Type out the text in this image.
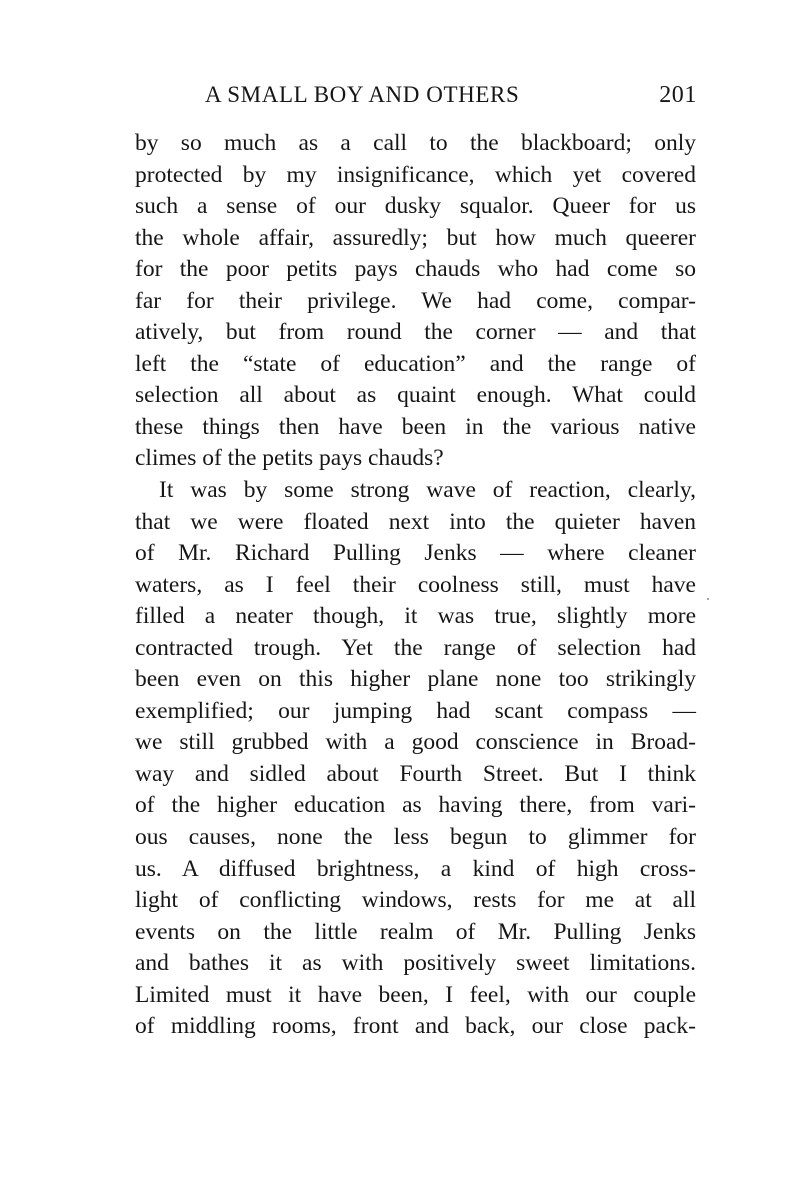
A SMALL BOY AND OTHERS	201
by so much as a call to the blackboard; only
protected by my insignificance, which yet covered
such a sense of our dusky squalor. Queer for us
the whole affair, assuredly; but how much queerer
for the poor petits pays chauds who had come so
far for their privilege. We had come, compar-
atively, but from round the corner — and that
left the “state of education” and the range of
selection all about as quaint enough. What could
these things then have been in the various native
climes of the petits pays chauds?
It was by some strong wave of reaction, clearly,
that we were floated next into the quieter haven
of Mr. Richard Pulling Jenks — where cleaner
waters, as I feel their coolness still, must have
filled a neater though, it was true, slightly more
contracted trough. Yet the range of selection had
been even on this higher plane none too strikingly
exemplified; our jumping had scant compass —
we still grubbed with a good conscience in Broad-
way and sidled about Fourth Street. But I think
of the higher education as having there, from vari-
ous causes, none the less begun to glimmer for
us. A diffused brightness, a kind of high cross-
light of conflicting windows, rests for me at all
events on the little realm of Mr. Pulling Jenks
and bathes it as with positively sweet limitations.
Limited must it have been, I feel, with our couple
of middling rooms, front and back, our close pack-
